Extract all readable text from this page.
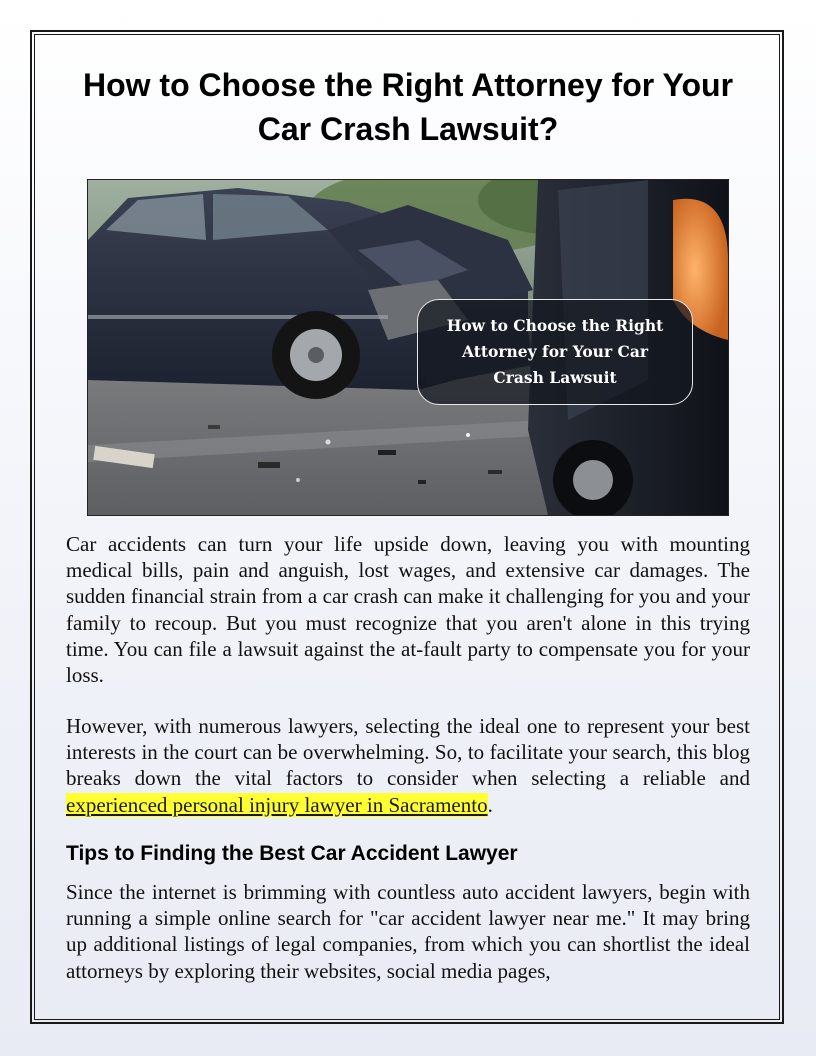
How to Choose the Right Attorney for Your Car Crash Lawsuit?
How to Choose the Right Attorney for Your Car Crash Lawsuit

Car accidents can turn your life upside down, leaving you with mounting medical bills, pain and anguish, lost wages, and extensive car damages. The sudden financial strain from a car crash can make it challenging for you and your family to recoup. But you must recognize that you aren't alone in this trying time. You can file a lawsuit against the at-fault party to compensate you for your loss.

However, with numerous lawyers, selecting the ideal one to represent your best interests in the court can be overwhelming. So, to facilitate your search, this blog breaks down the vital factors to consider when selecting a reliable and experienced personal injury lawyer in Sacramento.

Tips to Finding the Best Car Accident Lawyer

Since the internet is brimming with countless auto accident lawyers, begin with running a simple online search for "car accident lawyer near me." It may bring up additional listings of legal companies, from which you can shortlist the ideal attorneys by exploring their websites, social media pages,
